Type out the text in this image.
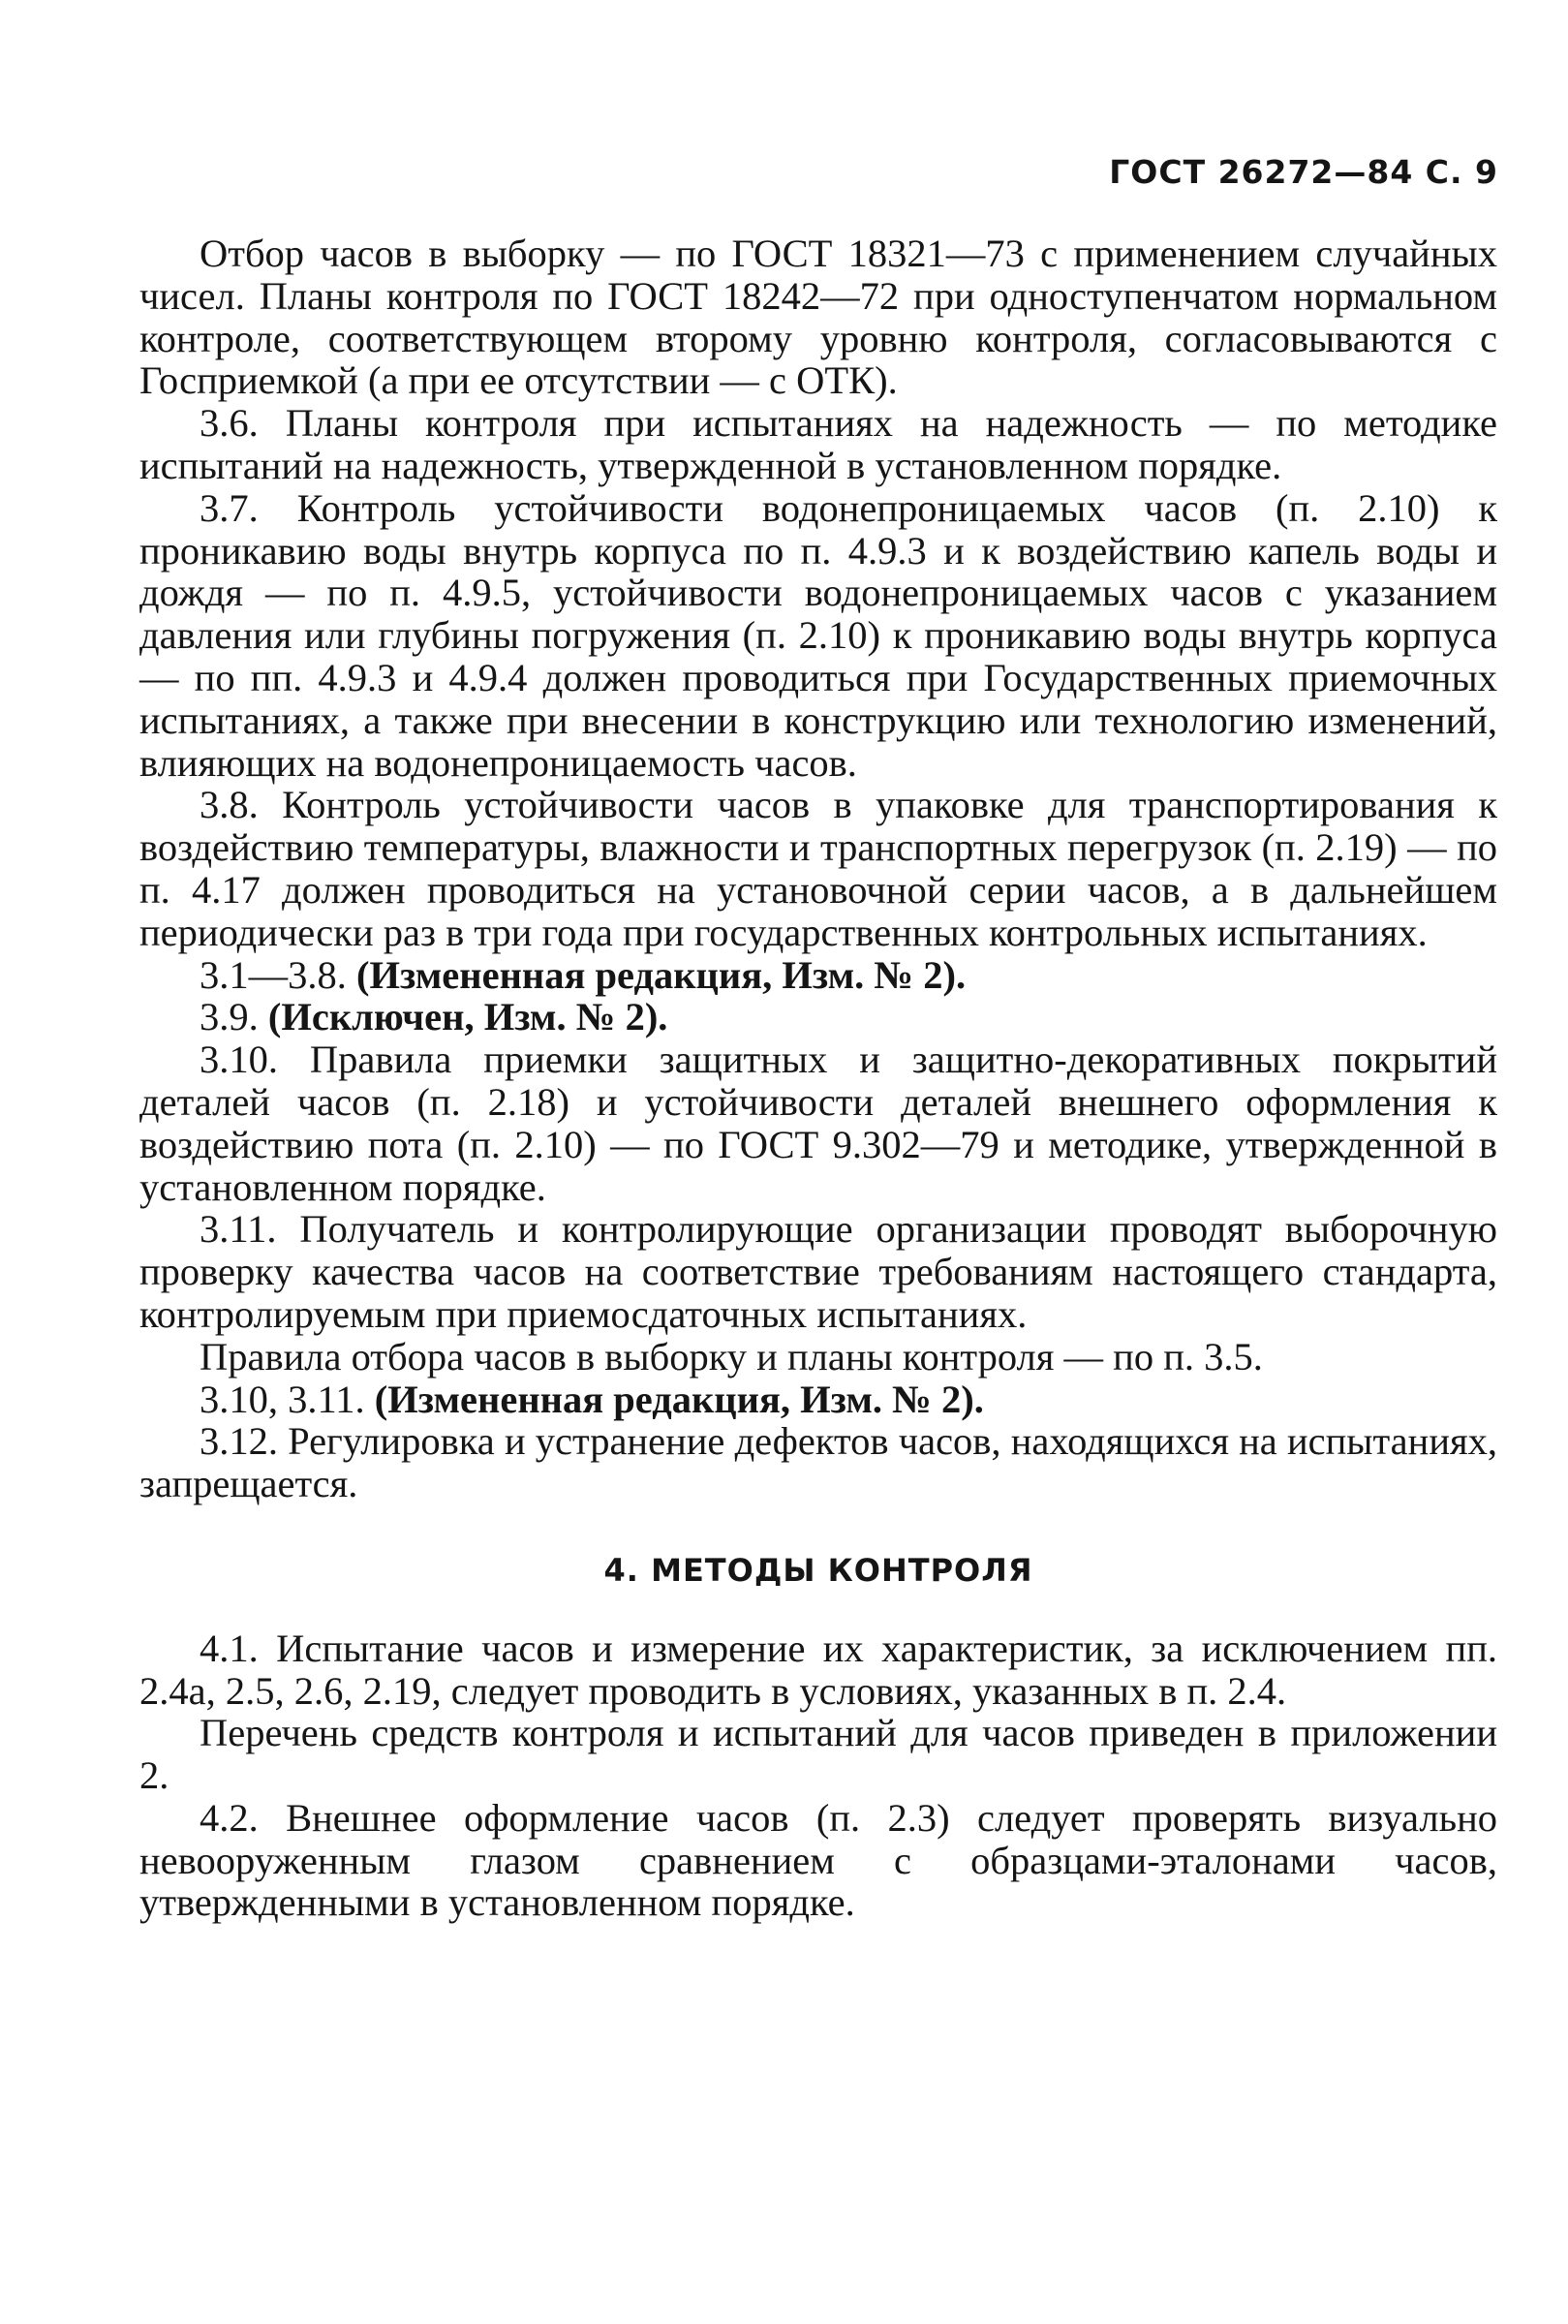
ГОСТ 26272—84 С. 9

Отбор часов в выборку — по ГОСТ 18321—73 с применением случайных чисел. Планы контроля по ГОСТ 18242—72 при одноступенчатом нормальном контроле, соответствующем второму уровню контроля, согласовываются с Госприемкой (а при ее отсутствии — с ОТК).

3.6. Планы контроля при испытаниях на надежность — по методике испытаний на надежность, утвержденной в установленном порядке.

3.7. Контроль устойчивости водонепроницаемых часов (п. 2.10) к проникавию воды внутрь корпуса по п. 4.9.3 и к воздействию капель воды и дождя — по п. 4.9.5, устойчивости водонепроницаемых часов с указанием давления или глубины погружения (п. 2.10) к проникавию воды внутрь корпуса — по пп. 4.9.3 и 4.9.4 должен проводиться при Государственных приемочных испытаниях, а также при внесении в конструкцию или технологию изменений, влияющих на водонепроницаемость часов.

3.8. Контроль устойчивости часов в упаковке для транспортирования к воздействию температуры, влажности и транспортных перегрузок (п. 2.19) — по п. 4.17 должен проводиться на установочной серии часов, а в дальнейшем периодически раз в три года при государственных контрольных испытаниях.

3.1—3.8. (Измененная редакция, Изм. № 2).

3.9. (Исключен, Изм. № 2).

3.10. Правила приемки защитных и защитно-декоративных покрытий деталей часов (п. 2.18) и устойчивости деталей внешнего оформления к воздействию пота (п. 2.10) — по ГОСТ 9.302—79 и методике, утвержденной в установленном порядке.

3.11. Получатель и контролирующие организации проводят выборочную проверку качества часов на соответствие требованиям настоящего стандарта, контролируемым при приемосдаточных испытаниях.

Правила отбора часов в выборку и планы контроля — по п. 3.5.

3.10, 3.11. (Измененная редакция, Изм. № 2).

3.12. Регулировка и устранение дефектов часов, находящихся на испытаниях, запрещается.

4. МЕТОДЫ КОНТРОЛЯ

4.1. Испытание часов и измерение их характеристик, за исключением пп. 2.4а, 2.5, 2.6, 2.19, следует проводить в условиях, указанных в п. 2.4.

Перечень средств контроля и испытаний для часов приведен в приложении 2.

4.2. Внешнее оформление часов (п. 2.3) следует проверять визуально невооруженным глазом сравнением с образцами-эталонами часов, утвержденными в установленном порядке.
